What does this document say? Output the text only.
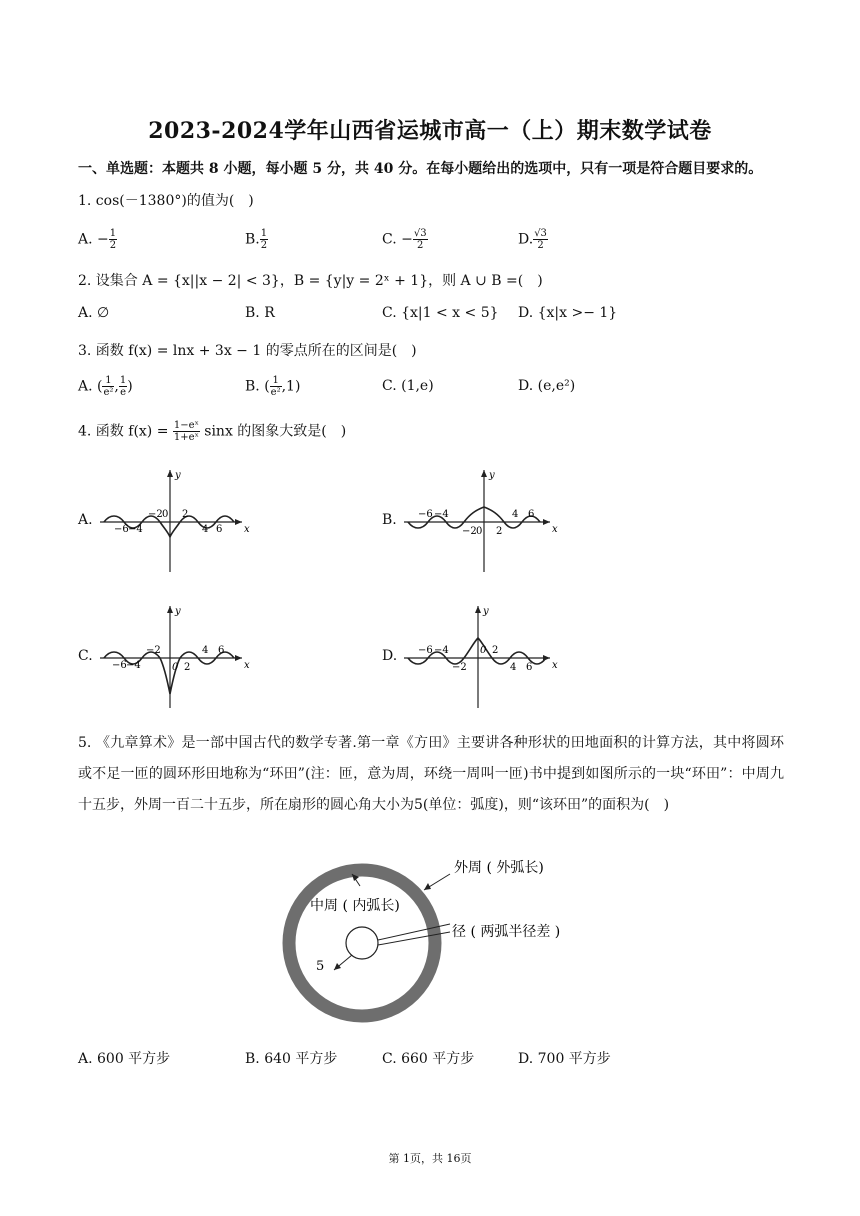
2023-2024学年山西省运城市高一（上）期末数学试卷
一、单选题：本题共 8 小题，每小题 5 分，共 40 分。在每小题给出的选项中，只有一项是符合题目要求的。
1. cos(－1380°)的值为(　)
A. − $\frac{1}{2}$	B. $\frac{1}{2}$	C. − $\frac{√3}{2}$	D. $\frac{√3}{2}$
2. 设集合 A = {x||x − 2| < 3}，B = {y|y = 2ˣ + 1}，则 A ∪ B =(　)
A. ∅	B. R	C. {x|1 < x < 5} D. {x|x >− 1}
3. 函数 f(x) = lnx + 3x − 1 的零点所在的区间是(　)
A. ( $\frac{1}{\text{e²}}$ , $\frac{1}{e}$ )	B. ( $\frac{1}{\text{e²}} ,1$)	C. (1,e)	D. (e,e²)
4. 函数 $f(x) = \frac{\text{1−eˣ}}{\text{1+eˣ}}$ sinx 的图象大致是(　)
A.	B.
C.	D.
x
y
−2 0 2
−6 −4	4 6	x
y
−6 −4	4 6
−2 0 2
x
y
−2	4 6
−6 −4	0 2	x
y
−6 −4	0 2
−2	4 6
5. 《九章算术》是一部中国古代的数学专著.第一章《方田》主要讲各种形状的田地面积的计算方法，其中将圆环或不足一匝的圆环形田地称为“环田”(注：匝，意为周，环绕一周叫一匝)书中提到如图所示的一块“环田”：中周九十五步，外周一百二十五步，所在扇形的圆心角大小为5(单位：弧度)，则“该环田”的面积为(　)
外周 ( 外弧长)
中周 ( 内弧长)
径 ( 两弧半径差 )
5
A. 600 平方步	B. 640 平方步	C. 660 平方步	D. 700 平方步
第 1页，共 16页
